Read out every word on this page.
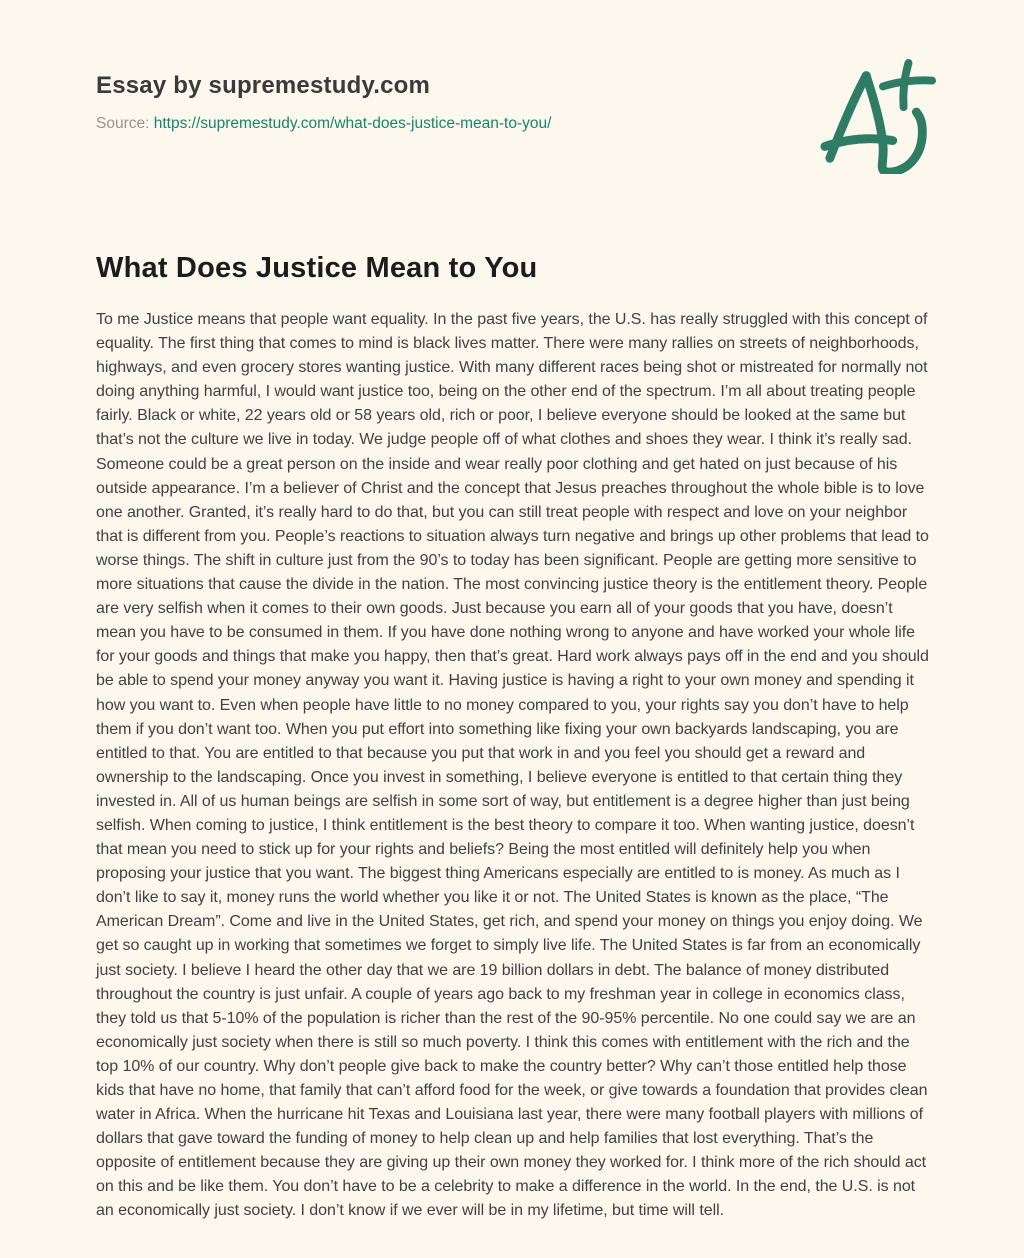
Essay by supremestudy.com

Source: https://supremestudy.com/what-does-justice-mean-to-you/

What Does Justice Mean to You

To me Justice means that people want equality. In the past five years, the U.S. has really struggled with this concept of equality. The first thing that comes to mind is black lives matter. There were many rallies on streets of neighborhoods, highways, and even grocery stores wanting justice. With many different races being shot or mistreated for normally not doing anything harmful, I would want justice too, being on the other end of the spectrum. I’m all about treating people fairly. Black or white, 22 years old or 58 years old, rich or poor, I believe everyone should be looked at the same but that’s not the culture we live in today. We judge people off of what clothes and shoes they wear. I think it’s really sad. Someone could be a great person on the inside and wear really poor clothing and get hated on just because of his outside appearance. I’m a believer of Christ and the concept that Jesus preaches throughout the whole bible is to love one another. Granted, it’s really hard to do that, but you can still treat people with respect and love on your neighbor that is different from you. People’s reactions to situation always turn negative and brings up other problems that lead to worse things. The shift in culture just from the 90’s to today has been significant. People are getting more sensitive to more situations that cause the divide in the nation. The most convincing justice theory is the entitlement theory. People are very selfish when it comes to their own goods. Just because you earn all of your goods that you have, doesn’t mean you have to be consumed in them. If you have done nothing wrong to anyone and have worked your whole life for your goods and things that make you happy, then that’s great. Hard work always pays off in the end and you should be able to spend your money anyway you want it. Having justice is having a right to your own money and spending it how you want to. Even when people have little to no money compared to you, your rights say you don’t have to help them if you don’t want too. When you put effort into something like fixing your own backyards landscaping, you are entitled to that. You are entitled to that because you put that work in and you feel you should get a reward and ownership to the landscaping. Once you invest in something, I believe everyone is entitled to that certain thing they invested in. All of us human beings are selfish in some sort of way, but entitlement is a degree higher than just being selfish. When coming to justice, I think entitlement is the best theory to compare it too. When wanting justice, doesn’t that mean you need to stick up for your rights and beliefs? Being the most entitled will definitely help you when proposing your justice that you want. The biggest thing Americans especially are entitled to is money. As much as I don’t like to say it, money runs the world whether you like it or not. The United States is known as the place, “The American Dream”. Come and live in the United States, get rich, and spend your money on things you enjoy doing. We get so caught up in working that sometimes we forget to simply live life. The United States is far from an economically just society. I believe I heard the other day that we are 19 billion dollars in debt. The balance of money distributed throughout the country is just unfair. A couple of years ago back to my freshman year in college in economics class, they told us that 5-10% of the population is richer than the rest of the 90-95% percentile. No one could say we are an economically just society when there is still so much poverty. I think this comes with entitlement with the rich and the top 10% of our country. Why don’t people give back to make the country better? Why can’t those entitled help those kids that have no home, that family that can’t afford food for the week, or give towards a foundation that provides clean water in Africa. When the hurricane hit Texas and Louisiana last year, there were many football players with millions of dollars that gave toward the funding of money to help clean up and help families that lost everything. That’s the opposite of entitlement because they are giving up their own money they worked for. I think more of the rich should act on this and be like them. You don’t have to be a celebrity to make a difference in the world. In the end, the U.S. is not an economically just society. I don’t know if we ever will be in my lifetime, but time will tell.
